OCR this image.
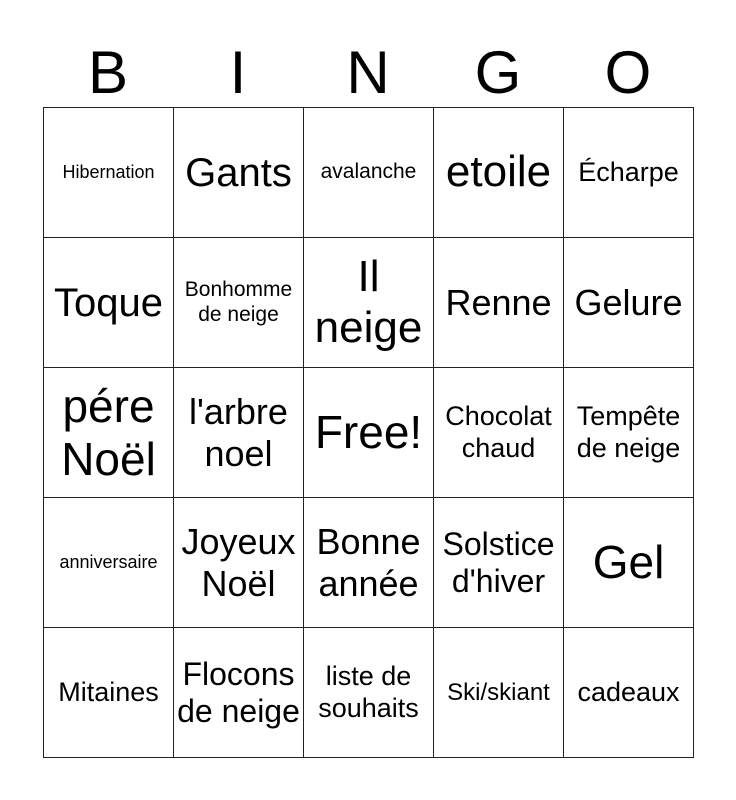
B	I	N	G	O
Hibernation	Gants	avalanche	etoile	Écharpe
Toque	Bonhomme de neige	Il neige	Renne	Gelure
pére Noël	l'arbre noel	Free!	Chocolat chaud	Tempête de neige
anniversaire	Joyeux Noël	Bonne année	Solstice d'hiver	Gel
Mitaines	Flocons de neige	liste de souhaits	Ski/skiant	cadeaux
